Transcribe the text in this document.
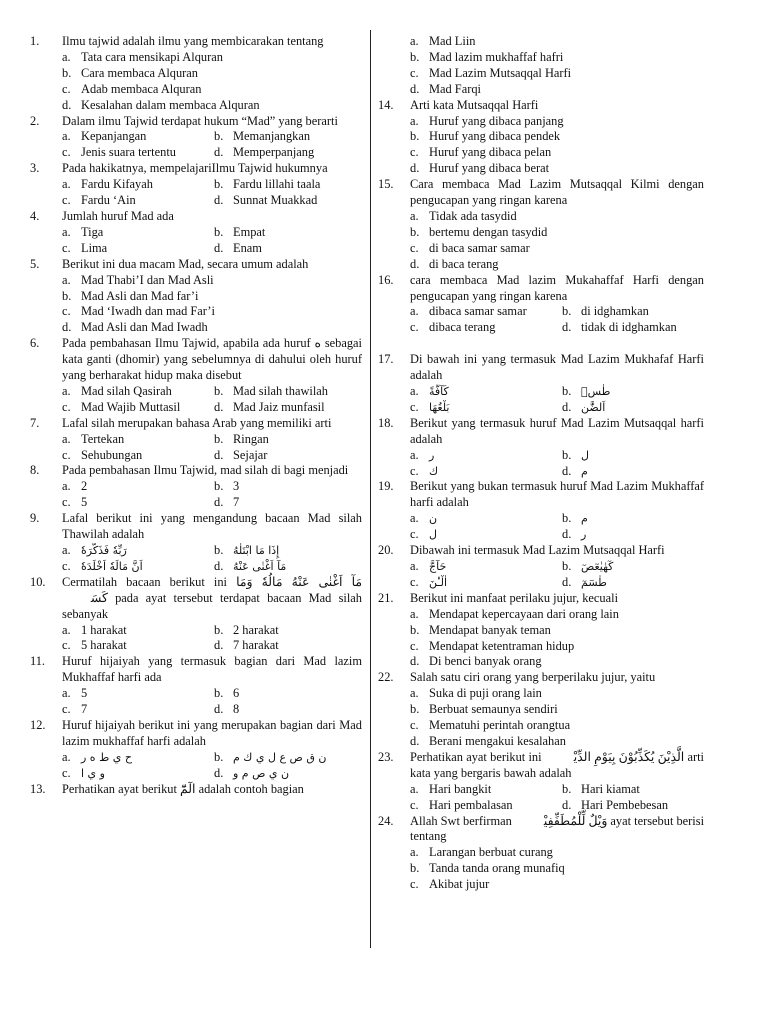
1.	Ilmu tajwid adalah ilmu yang membicarakan tentang
a. Tata cara mensikapi Alquran
b. Cara membaca Alquran
c. Adab membaca Alquran
d. Kesalahan dalam membaca Alquran
2.	Dalam ilmu Tajwid terdapat hukum “Mad” yang berarti
a. Kepanjangan	b. Memanjangkan
c. Jenis suara tertentu	d. Memperpanjang
3.	Pada hakikatnya, mempelajariIlmu Tajwid hukumnya
a. Fardu Kifayah	b. Fardu lillahi taala
c. Fardu ‘Ain	d. Sunnat Muakkad
4.	Jumlah huruf Mad ada
a. Tiga	b. Empat
c. Lima	d. Enam
5.	Berikut ini dua macam Mad, secara umum adalah
a. Mad Thabi’I dan Mad Asli
b. Mad Asli dan Mad far’i
c. Mad ‘Iwadh dan mad Far’i
d. Mad Asli dan Mad Iwadh
6.	Pada pembahasan Ilmu Tajwid, apabila ada huruf ه sebagai kata ganti (dhomir) yang sebelumnya di dahului oleh huruf yang berharakat hidup maka disebut
a. Mad silah Qasirah	b. Mad silah thawilah
c. Mad Wajib Muttasil	d. Mad Jaiz munfasil
7.	Lafal silah merupakan bahasa Arab yang memiliki arti
a. Tertekan	b. Ringan
c. Sehubungan	d. Sejajar
8.	Pada pembahasan Ilmu Tajwid, mad silah di bagi menjadi
a. 2	b. 3
c. 5	d. 7
9.	Lafal berikut ini yang mengandung bacaan Mad silah Thawilah adalah
a. رَبِّهٗ فَذَكَّرَهٗ	b. إِذَا مَا ابْتَلٰهُ
c. اَنَّ مَالَهٗ اَخْلَدَهٗ	d. مَآ اَغْنٰى عَنْهُ
10.	Cermatilah bacaan berikut ini مَآ اَغْنٰى عَنْهُ مَالُهٗ وَمَا كَسَبَۗ pada ayat tersebut terdapat bacaan Mad silah sebanyak
a. 1 harakat	b. 2 harakat
c. 5 harakat	d. 7 harakat
11.	Huruf hijaiyah yang termasuk bagian dari Mad lazim Mukhaffaf harfi ada
a. 5	b. 6
c. 7	d. 8
12.	Huruf hijaiyah berikut ini yang merupakan bagian dari Mad lazim mukhaffaf harfi adalah
a. ح ي ط ه ر	b. ن ق ص ع ل ي ك م
c. و ي ا	d. ن ي ص م و
13.	Perhatikan ayat berikut الٓمّٓ adalah contoh bagian
a. Mad Liin
b. Mad lazim mukhaffaf hafri
c. Mad Lazim Mutsaqqal Harfi
d. Mad Farqi
14.	Arti kata Mutsaqqal Harfi
a. Huruf yang dibaca panjang
b. Huruf yang dibaca pendek
c. Huruf yang dibaca pelan
d. Huruf yang dibaca berat
15.	Cara membaca Mad Lazim Mutsaqqal Kilmi dengan pengucapan yang ringan karena
a. Tidak ada tasydid
b. bertemu dengan tasydid
c. di baca samar samar
d. di baca terang
16.	cara membaca Mad lazim Mukahaffaf Harfi dengan pengucapan yang ringan karena
a. dibaca samar samar	b. di idghamkan
c. dibaca terang	d. tidak di idghamkan
17.	Di bawah ini yang termasuk Mad Lazim Mukhafaf Harfi adalah
a. كَآفَّةً	b. طٰسۤ
c. بَلْغُهَا	d. اَلضَّٰن
18.	Berikut yang termasuk huruf Mad Lazim Mutsaqqal harfi adalah
a. ر	b. ل
c. ك	d. م
19.	Berikut yang bukan termasuk huruf Mad Lazim Mukhaffaf harfi adalah
a. ن	b. م
c. ل	d. ر
20.	Dibawah ini termasuk Mad Lazim Mutsaqqal Harfi
a. حَآجَّ	b. كٓهٰيٰعٓصٓ
c. اٰلْـٰٔنَ	d. طٰسٓمٓ
21.	Berikut ini manfaat perilaku jujur, kecuali
a. Mendapat kepercayaan dari orang lain
b. Mendapat banyak teman
c. Mendapat ketentraman hidup
d. Di benci banyak orang
22.	Salah satu ciri orang yang berperilaku jujur, yaitu
a. Suka di puji orang lain
b. Berbuat semaunya sendiri
c. Mematuhi perintah orangtua
d. Berani mengakui kesalahan
23.	Perhatikan ayat berikut ini الَّذِيْنَ يُكَذِّبُوْنَ بِيَوْمِ الدِّيْنِۗ arti kata yang bergaris bawah adalah
a. Hari bangkit	b. Hari kiamat
c. Hari pembalasan	d. Hari Pembebesan
24.	Allah Swt berfirman وَيْلٌ لِّلْمُطَفِّفِيْنَۙ ayat tersebut berisi tentang
a. Larangan berbuat curang
b. Tanda tanda orang munafiq
c. Akibat jujur
